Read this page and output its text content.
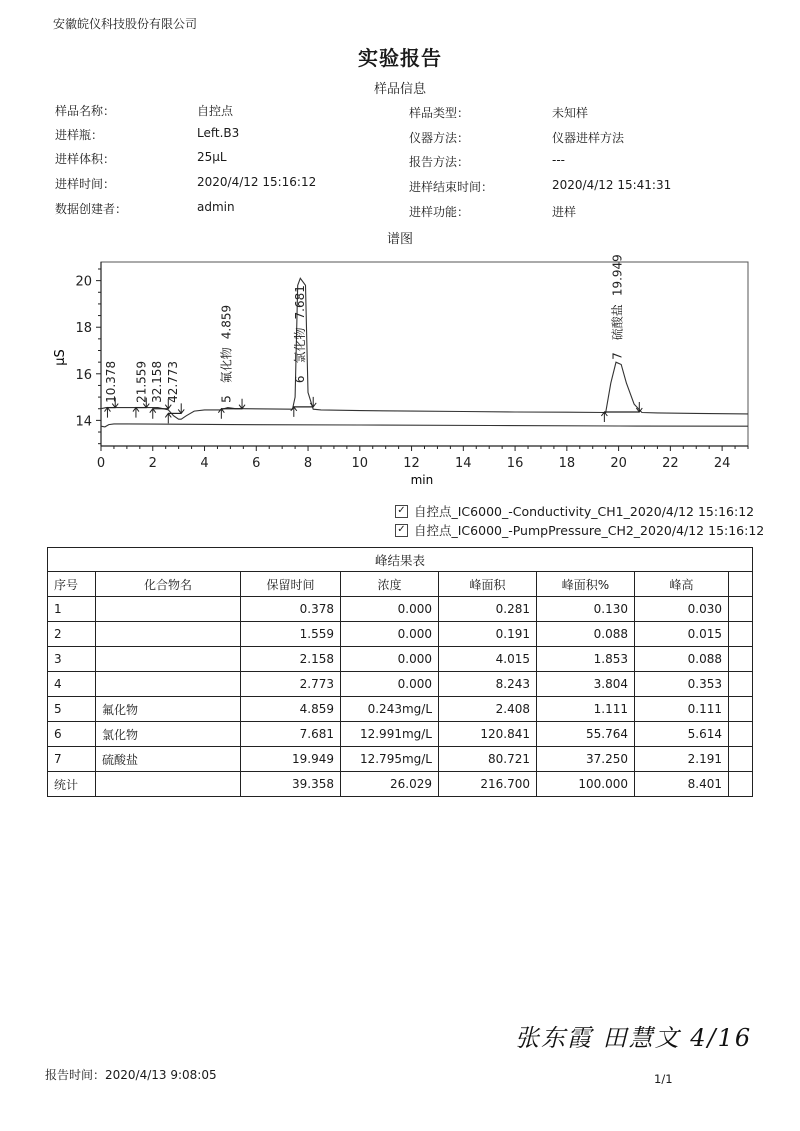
安徽皖仪科技股份有限公司
实验报告
样品信息
样品名称：	自控点
进样瓶：	Left.B3
进样体积：	25µL
进样时间：	2020/4/12 15:16:12
数据创建者：	admin
样品类型：	未知样
仪器方法：	仪器进样方法
报告方法：	---
进样结束时间：	2020/4/12 15:41:31
进样功能：	进样
谱图
14
16
18
20
0	2	4	6	8	10	12	14	16	18	20	22	24
µS
min
10.378
21.559
32.158
42.773
5氟化物4.859
6氯化物7.681
7硫酸盐19.949
✓ 自控点_IC6000_-Conductivity_CH1_2020/4/12 15:16:12
✓ 自控点_IC6000_-PumpPressure_CH2_2020/4/12 15:16:12
峰结果表							
序号	化合物名	保留时间	浓度	峰面积	峰面积%	峰高	
1		0.378	0.000	0.281	0.130	0.030	
2		1.559	0.000	0.191	0.088	0.015	
3		2.158	0.000	4.015	1.853	0.088	
4		2.773	0.000	8.243	3.804	0.353	
5	氟化物	4.859	0.243mg/L	2.408	1.111	0.111	
6	氯化物	7.681	12.991mg/L	120.841	55.764	5.614	
7	硫酸盐	19.949	12.795mg/L	80.721	37.250	2.191	
统计		39.358	26.029	216.700	100.000	8.401	
张东霞 田慧文 4/16
报告时间：2020/4/13 9:08:05	1/1
